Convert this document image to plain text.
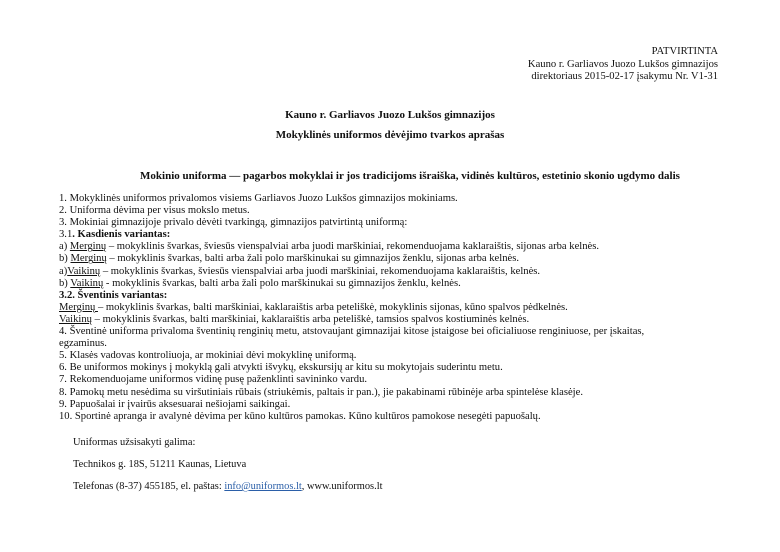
PATVIRTINTA
Kauno r. Garliavos Juozo Lukšos gimnazijos
direktoriaus 2015-02-17 įsakymu Nr. V1-31
Kauno r. Garliavos Juozo Lukšos gimnazijos
Mokyklinės uniformos dėvėjimo tvarkos aprašas
Mokinio uniforma — pagarbos mokyklai ir jos tradicijoms išraiška, vidinės kultūros, estetinio skonio ugdymo dalis
1. Mokyklinės uniformos privalomos visiems Garliavos Juozo Lukšos gimnazijos mokiniams.
2. Uniforma dėvima per visus mokslo metus.
3. Mokiniai gimnazijoje privalo dėvėti tvarkingą, gimnazijos patvirtintą uniformą:
3.1. Kasdienis variantas:
a) Merginų – mokyklinis švarkas, šviesūs vienspalviai arba juodi marškiniai, rekomenduojama kaklaraištis, sijonas arba kelnės.
b) Merginų – mokyklinis švarkas, balti arba žali polo marškinukai su gimnazijos ženklu, sijonas arba kelnės.
a)Vaikinų – mokyklinis švarkas, šviesūs vienspalviai arba juodi marškiniai, rekomenduojama kaklaraištis, kelnės.
b) Vaikinų - mokyklinis švarkas, balti arba žali polo marškinukai su gimnazijos ženklu, kelnės.
3.2. Šventinis variantas:
Merginų – mokyklinis švarkas, balti marškiniai, kaklaraištis arba peteliškė, mokyklinis sijonas, kūno spalvos pėdkelnės.
Vaikinų – mokyklinis švarkas, balti marškiniai, kaklaraištis arba peteliškė, tamsios spalvos kostiuminės kelnės.
4. Šventinė uniforma privaloma šventinių renginių metu, atstovaujant gimnazijai kitose įstaigose bei oficialiuose renginiuose, per įskaitas,
egzaminus.
5. Klasės vadovas kontroliuoja, ar mokiniai dėvi mokyklinę uniformą.
6. Be uniformos mokinys į mokyklą gali atvykti išvykų, ekskursijų ar kitu su mokytojais suderintu metu.
7. Rekomenduojame uniformos vidinę pusę paženklinti savininko vardu.
8. Pamokų metu nesėdima su viršutiniais rūbais (striukėmis, paltais ir pan.), jie pakabinami rūbinėje arba spintelėse klasėje.
9. Papuošalai ir įvairūs aksesuarai nešiojami saikingai.
10. Sportinė apranga ir avalynė dėvima per kūno kultūros pamokas. Kūno kultūros pamokose nesegėti papuošalų.
Uniformas užsisakyti galima:
Technikos g. 18S, 51211 Kaunas, Lietuva
Telefonas (8-37) 455185, el. paštas: info@uniformos.lt, www.uniformos.lt
